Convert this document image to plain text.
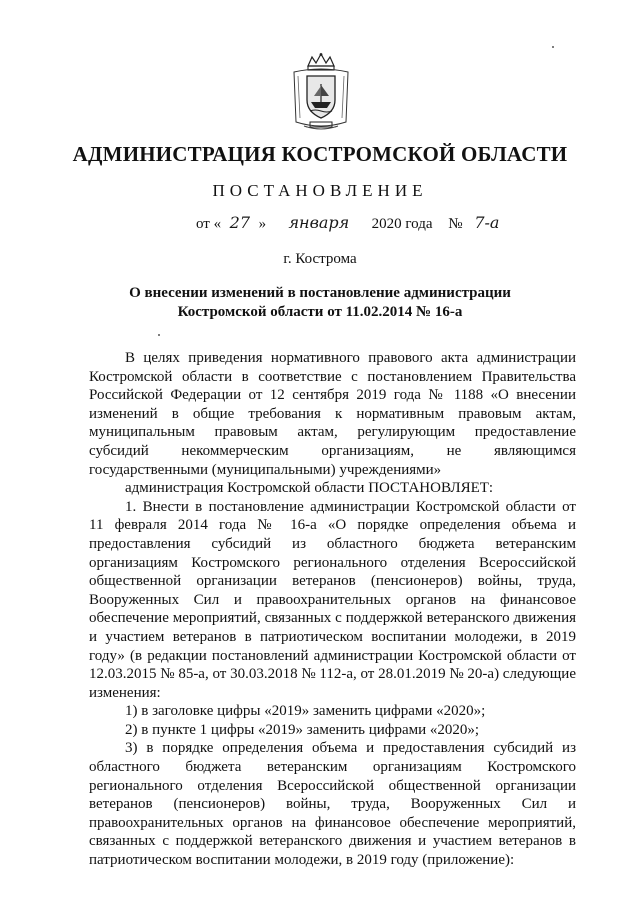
АДМИНИСТРАЦИЯ КОСТРОМСКОЙ ОБЛАСТИ
ПОСТАНОВЛЕНИЕ
от « 27 » января 2020 года № 7-а
г. Кострома
О внесении изменений в постановление администрации
Костромской области от 11.02.2014 № 16-а

В целях приведения нормативного правового акта администрации Костромской области в соответствие с постановлением Правительства Российской Федерации от 12 сентября 2019 года № 1188 «О внесении изменений в общие требования к нормативным правовым актам, муниципальным правовым актам, регулирующим предоставление субсидий некоммерческим организациям, не являющимся государственными (муниципальными) учреждениями»

администрация Костромской области ПОСТАНОВЛЯЕТ:

1. Внести в постановление администрации Костромской области от 11 февраля 2014 года № 16-а «О порядке определения объема и предоставления субсидий из областного бюджета ветеранским организациям Костромского регионального отделения Всероссийской общественной организации ветеранов (пенсионеров) войны, труда, Вооруженных Сил и правоохранительных органов на финансовое обеспечение мероприятий, связанных с поддержкой ветеранского движения и участием ветеранов в патриотическом воспитании молодежи, в 2019 году» (в редакции постановлений администрации Костромской области от 12.03.2015 № 85-а, от 30.03.2018 № 112-а, от 28.01.2019 № 20-а) следующие изменения:

1) в заголовке цифры «2019» заменить цифрами «2020»;

2) в пункте 1 цифры «2019» заменить цифрами «2020»;

3) в порядке определения объема и предоставления субсидий из областного бюджета ветеранским организациям Костромского регионального отделения Всероссийской общественной организации ветеранов (пенсионеров) войны, труда, Вооруженных Сил и правоохранительных органов на финансовое обеспечение мероприятий, связанных с поддержкой ветеранского движения и участием ветеранов в патриотическом воспитании молодежи, в 2019 году (приложение):
